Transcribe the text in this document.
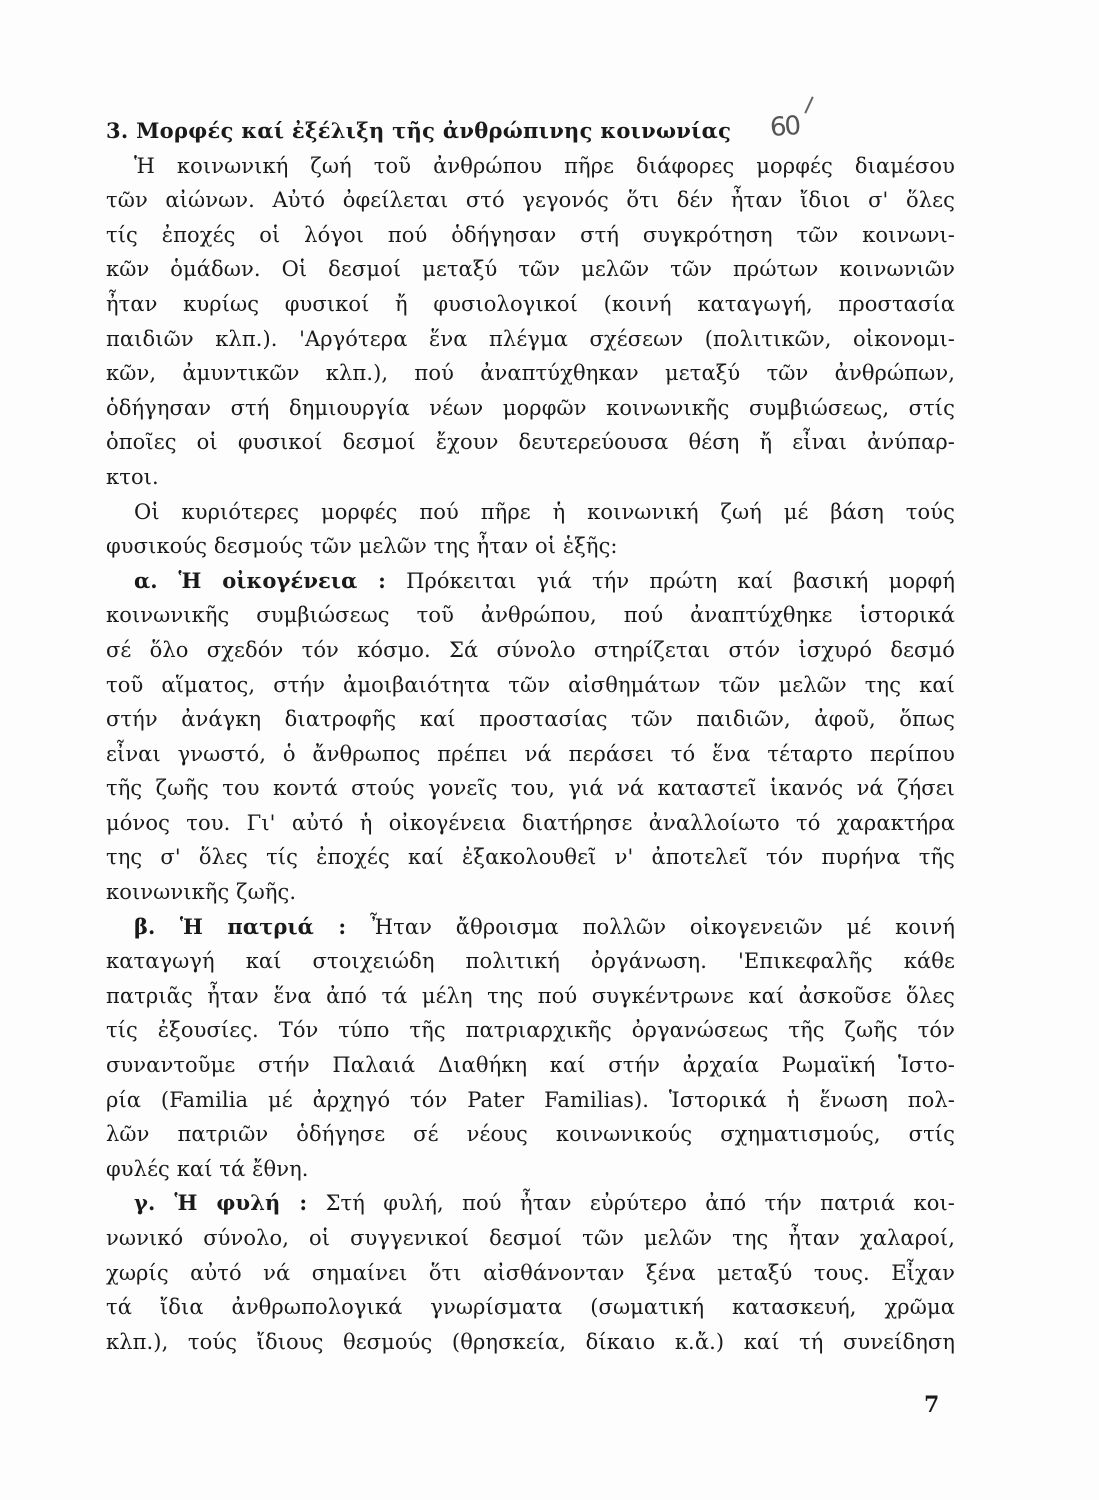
3. Μορφές καί ἐξέλιξη τῆς ἀνθρώπινης κοινωνίας
Ἡ κοινωνική ζωή τοῦ ἀνθρώπου πῆρε διάφορες μορφές διαμέσου
τῶν αἰώνων. Αὐτό ὀφείλεται στό γεγονός ὅτι δέν ἦταν ἴδιοι σ' ὅλες
τίς ἐποχές οἱ λόγοι πού ὁδήγησαν στή συγκρότηση τῶν κοινωνι-
κῶν ὁμάδων. Οἱ δεσμοί μεταξύ τῶν μελῶν τῶν πρώτων κοινωνιῶν
ἦταν κυρίως φυσικοί ἤ φυσιολογικοί (κοινή καταγωγή, προστασία
παιδιῶν κλπ.). 'Αργότερα ἕνα πλέγμα σχέσεων (πολιτικῶν, οἰκονομι-
κῶν, ἀμυντικῶν κλπ.), πού ἀναπτύχθηκαν μεταξύ τῶν ἀνθρώπων,
ὁδήγησαν στή δημιουργία νέων μορφῶν κοινωνικῆς συμβιώσεως, στίς
ὁποῖες οἱ φυσικοί δεσμοί ἔχουν δευτερεύουσα θέση ἤ εἶναι ἀνύπαρ-
κτοι.
Οἱ κυριότερες μορφές πού πῆρε ἡ κοινωνική ζωή μέ βάση τούς
φυσικούς δεσμούς τῶν μελῶν της ἦταν οἱ ἑξῆς:
α. Ἡ οἰκογένεια : Πρόκειται γιά τήν πρώτη καί βασική μορφή
κοινωνικῆς συμβιώσεως τοῦ ἀνθρώπου, πού ἀναπτύχθηκε ἱστορικά
σέ ὅλο σχεδόν τόν κόσμο. Σά σύνολο στηρίζεται στόν ἰσχυρό δεσμό
τοῦ αἵματος, στήν ἀμοιβαιότητα τῶν αἰσθημάτων τῶν μελῶν της καί
στήν ἀνάγκη διατροφῆς καί προστασίας τῶν παιδιῶν, ἀφοῦ, ὅπως
εἶναι γνωστό, ὁ ἄνθρωπος πρέπει νά περάσει τό ἕνα τέταρτο περίπου
τῆς ζωῆς του κοντά στούς γονεῖς του, γιά νά καταστεῖ ἱκανός νά ζήσει
μόνος του. Γι' αὐτό ἡ οἰκογένεια διατήρησε ἀναλλοίωτο τό χαρακτήρα
της σ' ὅλες τίς ἐποχές καί ἐξακολουθεῖ ν' ἀποτελεῖ τόν πυρήνα τῆς
κοινωνικῆς ζωῆς.
β. Ἡ πατριά : Ἦταν ἄθροισμα πολλῶν οἰκογενειῶν μέ κοινή
καταγωγή καί στοιχειώδη πολιτική ὀργάνωση. 'Επικεφαλῆς κάθε
πατριᾶς ἦταν ἕνα ἀπό τά μέλη της πού συγκέντρωνε καί ἀσκοῦσε ὅλες
τίς ἐξουσίες. Τόν τύπο τῆς πατριαρχικῆς ὀργανώσεως τῆς ζωῆς τόν
συναντοῦμε στήν Παλαιά Διαθήκη καί στήν ἀρχαία Ρωμαϊκή Ἱστο-
ρία (Familia μέ ἀρχηγό τόν Pater Familias). Ἱστορικά ἡ ἕνωση πολ-
λῶν πατριῶν ὁδήγησε σέ νέους κοινωνικούς σχηματισμούς, στίς
φυλές καί τά ἔθνη.
γ. Ἡ φυλή : Στή φυλή, πού ἦταν εὐρύτερο ἀπό τήν πατριά κοι-
νωνικό σύνολο, οἱ συγγενικοί δεσμοί τῶν μελῶν της ἦταν χαλαροί,
χωρίς αὐτό νά σημαίνει ὅτι αἰσθάνονταν ξένα μεταξύ τους. Εἶχαν
τά ἴδια ἀνθρωπολογικά γνωρίσματα (σωματική κατασκευή, χρῶμα
κλπ.), τούς ἴδιους θεσμούς (θρησκεία, δίκαιο κ.ἄ.) καί τή συνείδηση
60
7
